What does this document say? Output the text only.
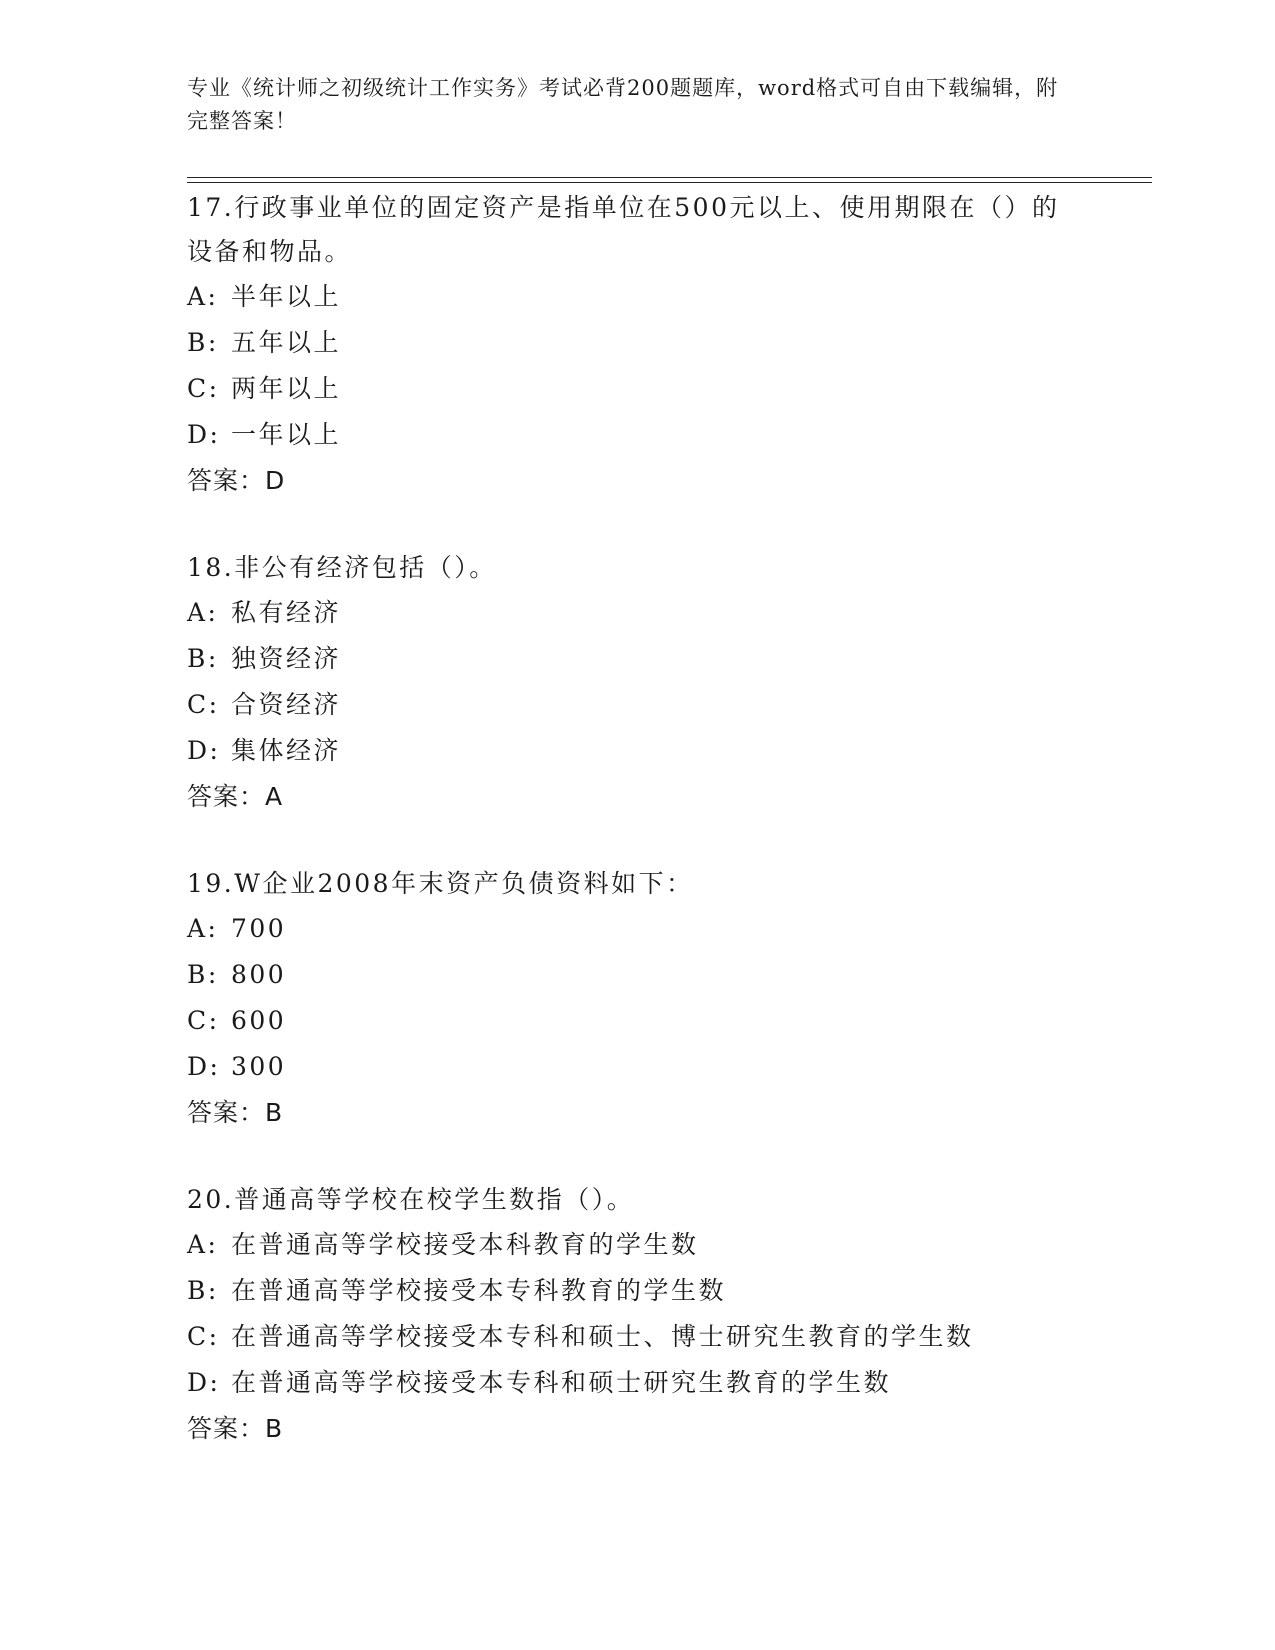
专业《统计师之初级统计工作实务》考试必背200题题库，word格式可自由下载编辑，附完整答案！

17.行政事业单位的固定资产是指单位在500元以上、使用期限在（）的设备和物品。

A: 半年以上
B: 五年以上
C: 两年以上
D: 一年以上
答案：D

18.非公有经济包括（）。

A: 私有经济
B: 独资经济
C: 合资经济
D: 集体经济
答案：A

19.W企业2008年末资产负债资料如下：

A: 700
B: 800
C: 600
D: 300
答案：B

20.普通高等学校在校学生数指（）。

A: 在普通高等学校接受本科教育的学生数
B: 在普通高等学校接受本专科教育的学生数
C: 在普通高等学校接受本专科和硕士、博士研究生教育的学生数
D: 在普通高等学校接受本专科和硕士研究生教育的学生数
答案：B
